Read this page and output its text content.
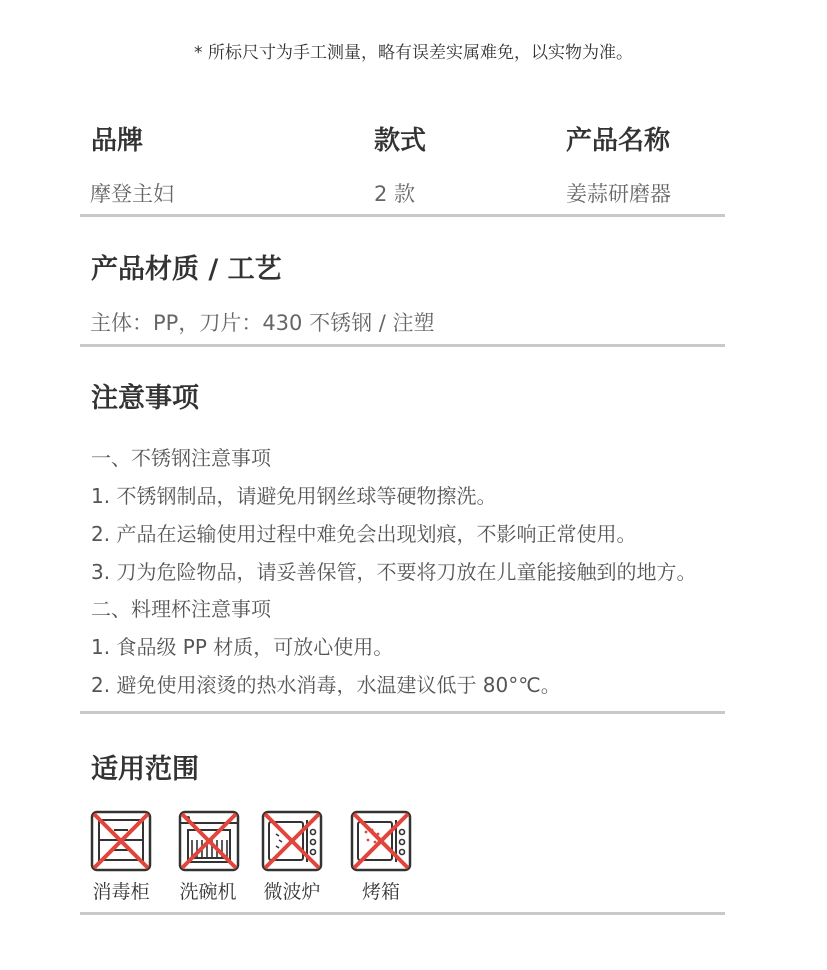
* 所标尺寸为手工测量，略有误差实属难免，以实物为准。
品牌	款式	产品名称
摩登主妇	2 款	姜蒜研磨器
产品材质 / 工艺
主体：PP，刀片：430 不锈钢 / 注塑
注意事项
一、不锈钢注意事项
1. 不锈钢制品，请避免用钢丝球等硬物擦洗。
2. 产品在运输使用过程中难免会出现划痕，不影响正常使用。
3. 刀为危险物品，请妥善保管，不要将刀放在儿童能接触到的地方。
二、料理杯注意事项
1. 食品级 PP 材质，可放心使用。
2. 避免使用滚烫的热水消毒，水温建议低于 80°℃。
适用范围
消毒柜	洗碗机	微波炉	烤箱
